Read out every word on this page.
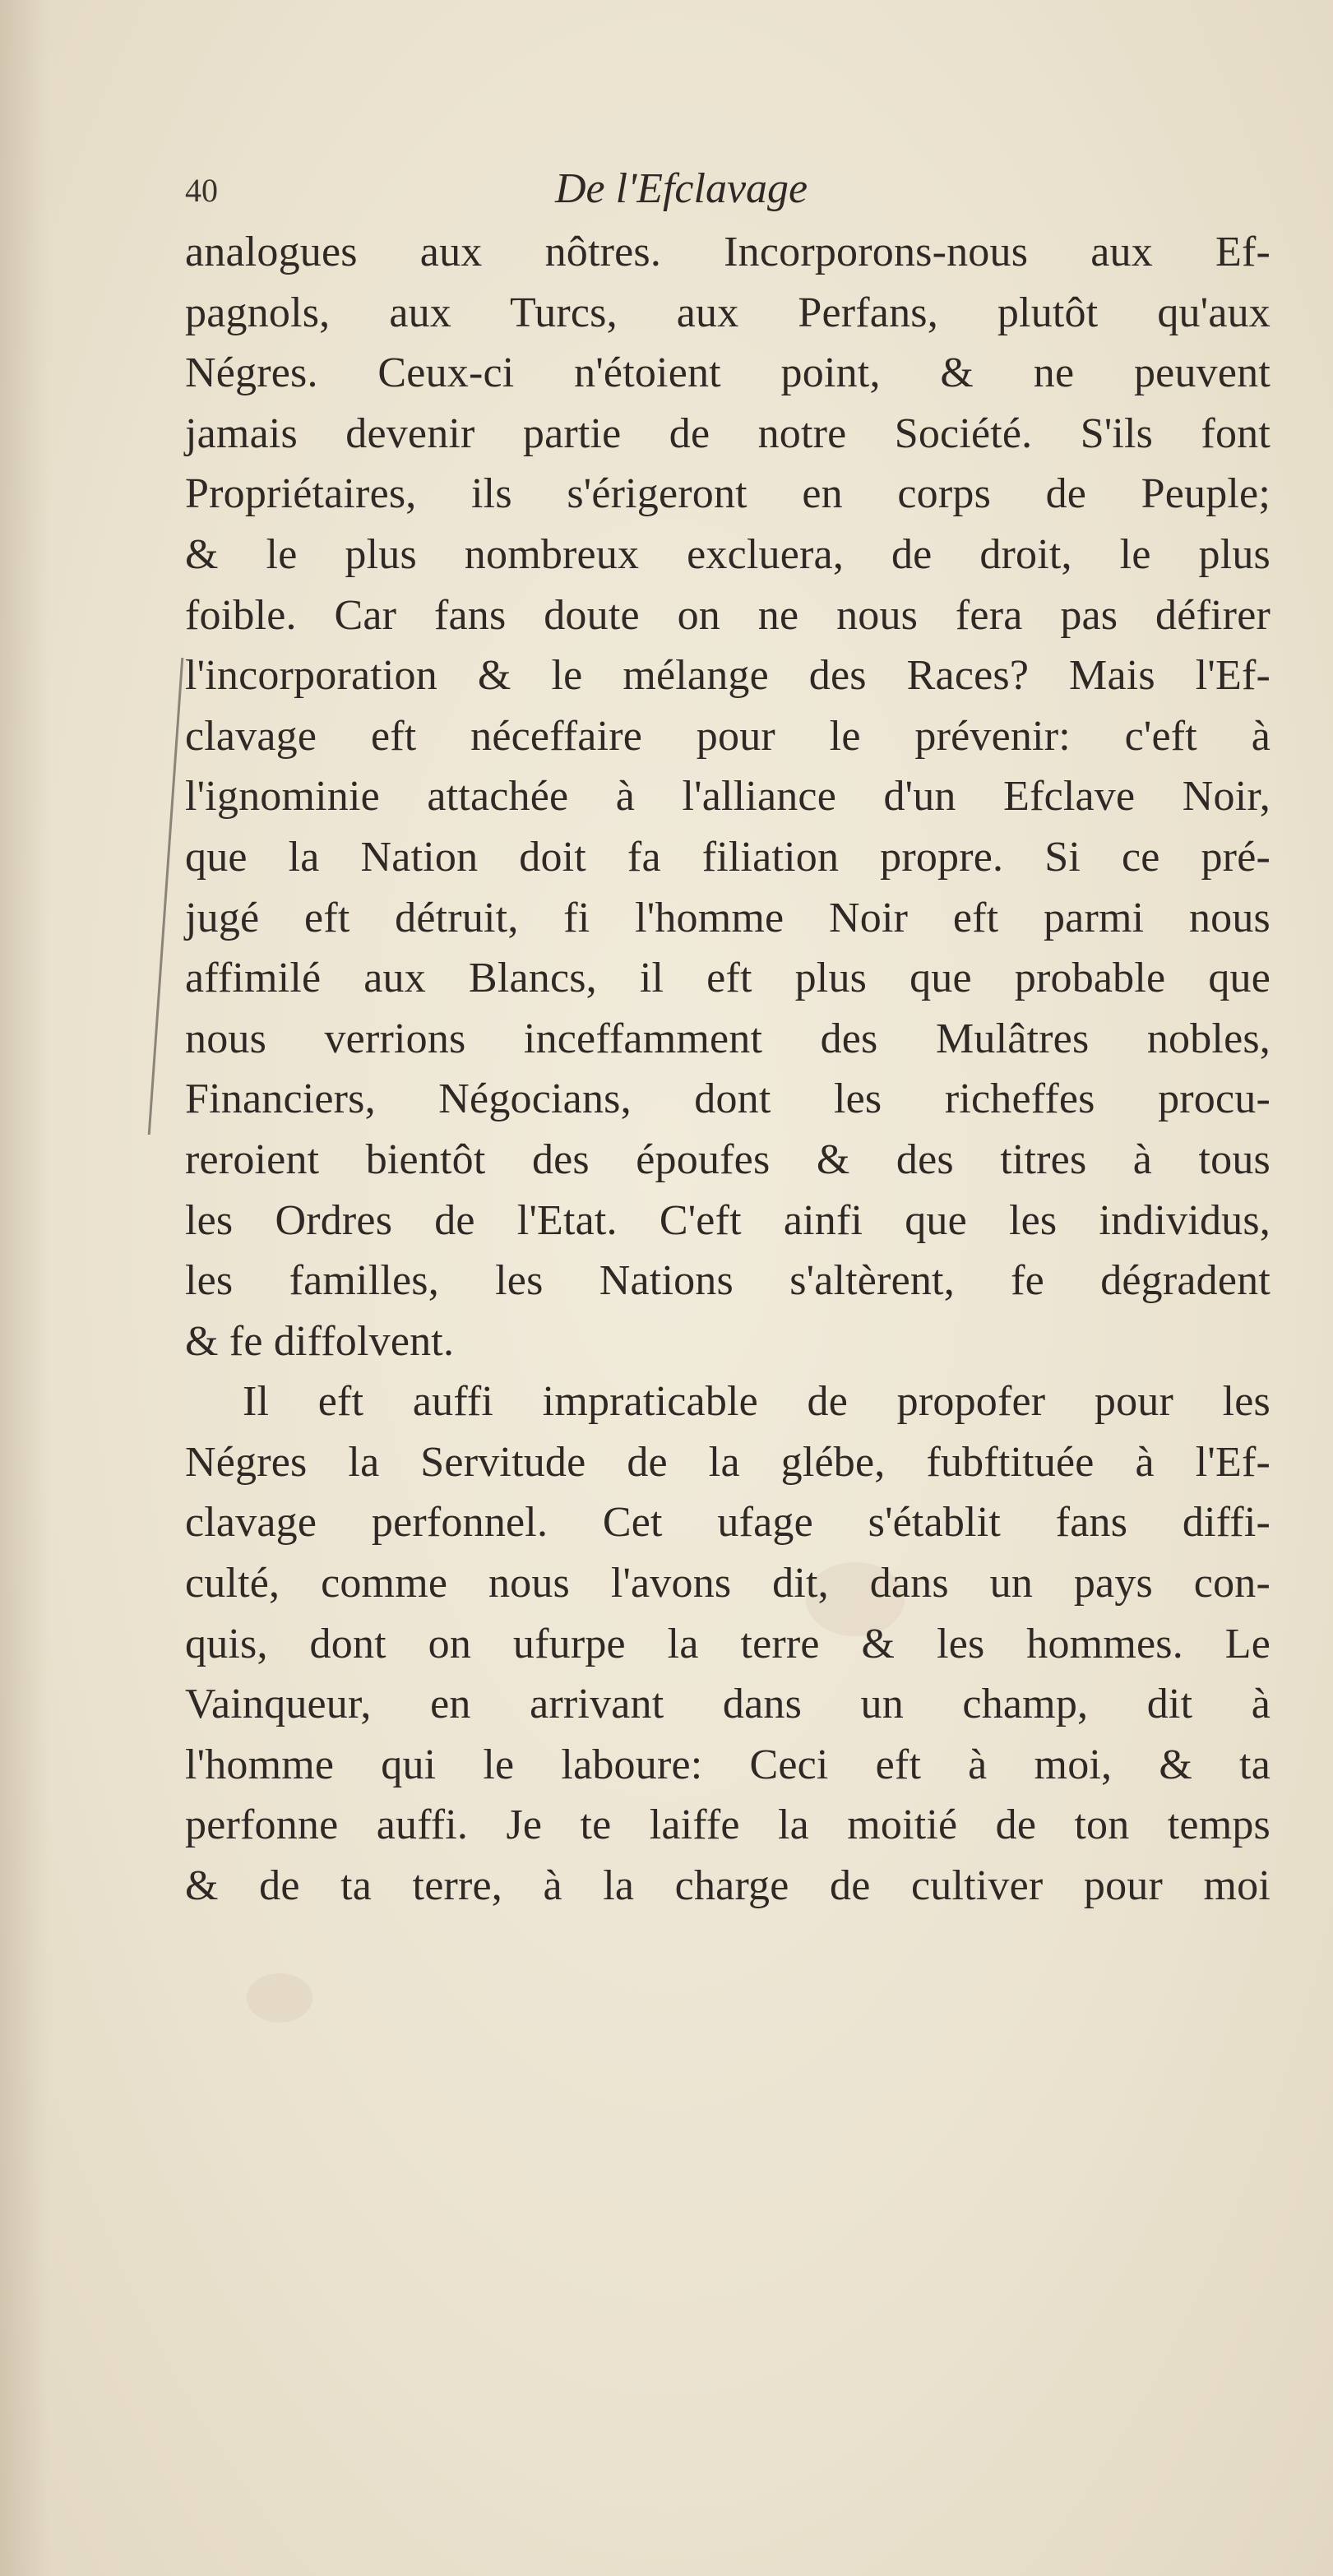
40	De l'Efclavage
analogues aux nôtres. Incorporons-nous aux Ef-
pagnols, aux Turcs, aux Perfans, plutôt qu'aux
Négres. Ceux-ci n'étoient point, & ne peuvent
jamais devenir partie de notre Société. S'ils font
Propriétaires, ils s'érigeront en corps de Peuple;
& le plus nombreux excluera, de droit, le plus
foible. Car fans doute on ne nous fera pas défirer
l'incorporation & le mélange des Races? Mais l'Ef-
clavage eft néceffaire pour le prévenir: c'eft à
l'ignominie attachée à l'alliance d'un Efclave Noir,
que la Nation doit fa filiation propre. Si ce pré-
jugé eft détruit, fi l'homme Noir eft parmi nous
affimilé aux Blancs, il eft plus que probable que
nous verrions inceffamment des Mulâtres nobles,
Financiers, Négocians, dont les richeffes procu-
reroient bientôt des époufes & des titres à tous
les Ordres de l'Etat. C'eft ainfi que les individus,
les familles, les Nations s'altèrent, fe dégradent
& fe diffolvent.
Il eft auffi impraticable de propofer pour les
Négres la Servitude de la glébe, fubftituée à l'Ef-
clavage perfonnel. Cet ufage s'établit fans diffi-
culté, comme nous l'avons dit, dans un pays con-
quis, dont on ufurpe la terre & les hommes. Le
Vainqueur, en arrivant dans un champ, dit à
l'homme qui le laboure: Ceci eft à moi, & ta
perfonne auffi. Je te laiffe la moitié de ton temps
& de ta terre, à la charge de cultiver pour moi
